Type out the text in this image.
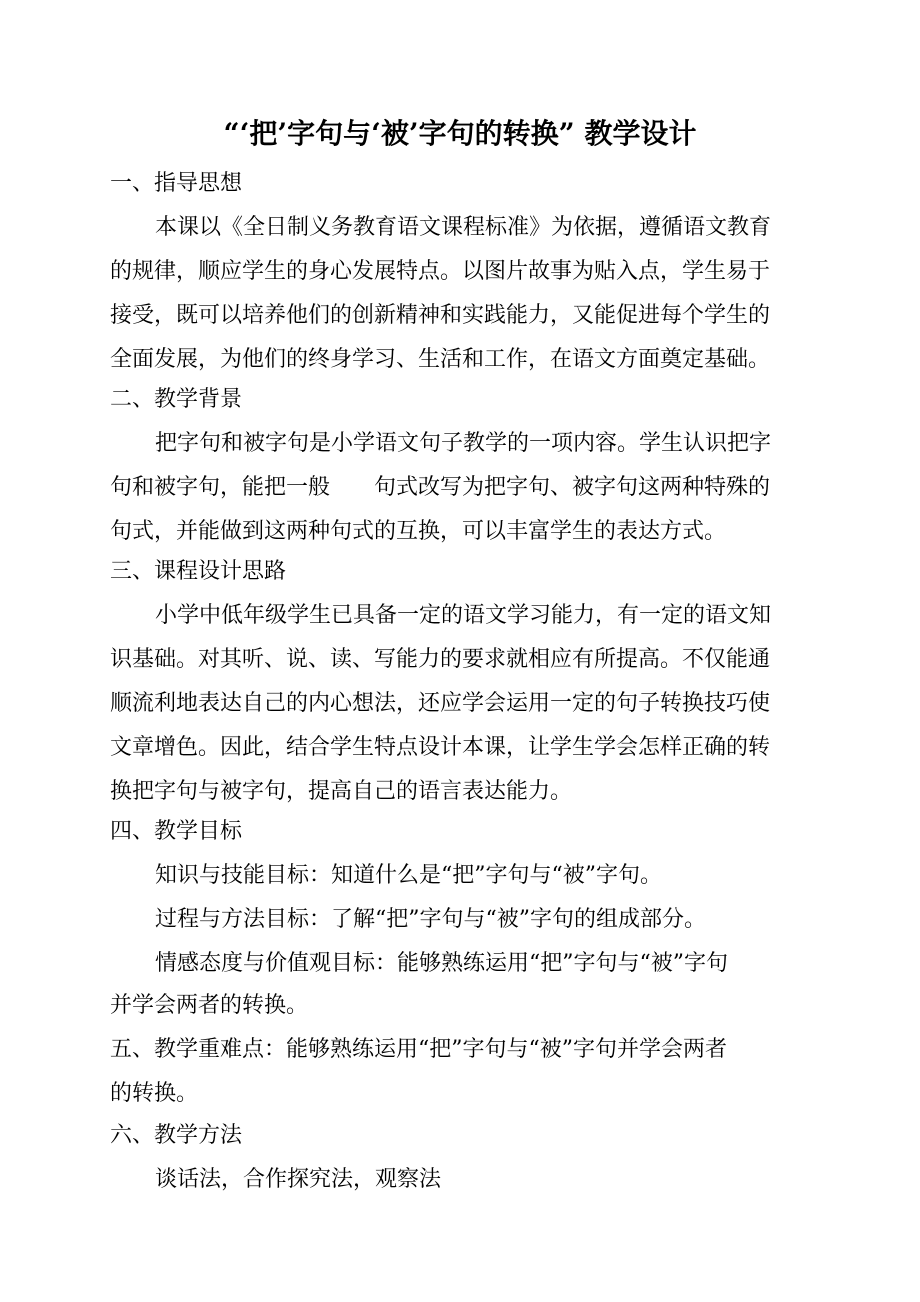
“‘把’字句与‘被’字句的转换” 教学设计
一、指导思想
本课以《全日制义务教育语文课程标准》为依据，遵循语文教育
的规律，顺应学生的身心发展特点。以图片故事为贴入点，学生易于
接受，既可以培养他们的创新精神和实践能力，又能促进每个学生的
全面发展，为他们的终身学习、生活和工作，在语文方面奠定基础。
二、教学背景
把字句和被字句是小学语文句子教学的一项内容。学生认识把字
句和被字句，能把一般　　句式改写为把字句、被字句这两种特殊的
句式，并能做到这两种句式的互换，可以丰富学生的表达方式。
三、课程设计思路
小学中低年级学生已具备一定的语文学习能力，有一定的语文知
识基础。对其听、说、读、写能力的要求就相应有所提高。不仅能通
顺流利地表达自己的内心想法，还应学会运用一定的句子转换技巧使
文章增色。因此，结合学生特点设计本课，让学生学会怎样正确的转
换把字句与被字句，提高自己的语言表达能力。
四、教学目标
知识与技能目标：知道什么是“把”字句与“被”字句。
过程与方法目标：了解“把”字句与“被”字句的组成部分。
情感态度与价值观目标：能够熟练运用“把”字句与“被”字句
并学会两者的转换。
五、教学重难点：能够熟练运用“把”字句与“被”字句并学会两者
的转换。
六、教学方法
谈话法，合作探究法，观察法
